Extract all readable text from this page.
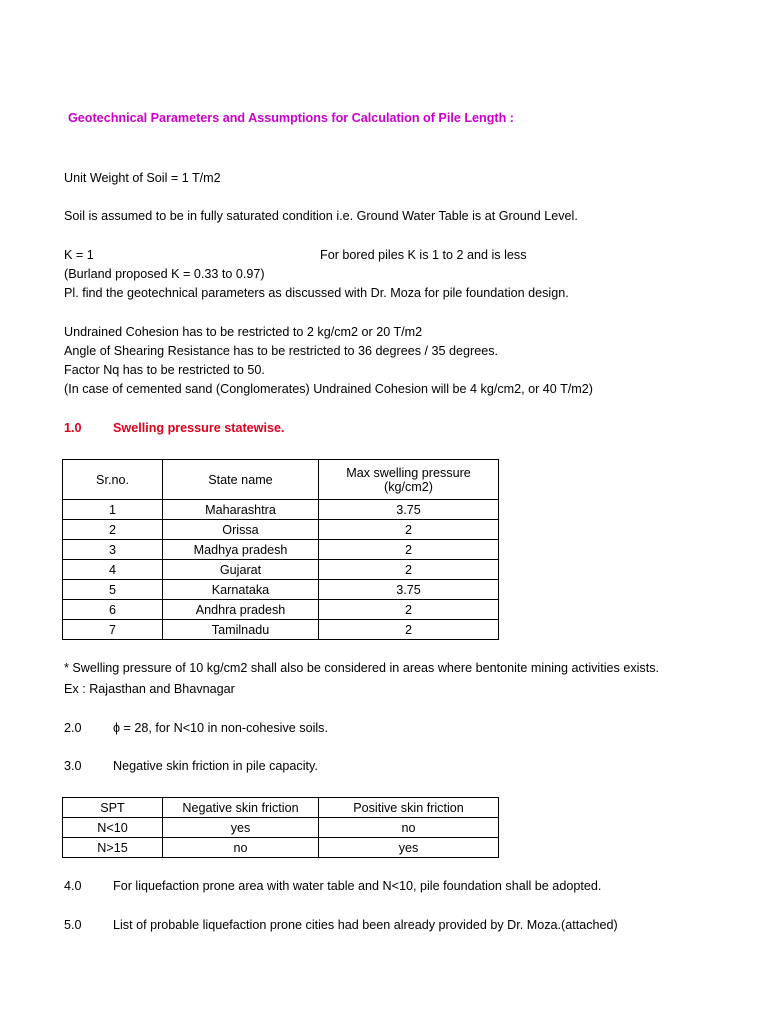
Geotechnical Parameters and Assumptions for Calculation of Pile Length :
Unit Weight of Soil = 1 T/m2
Soil is assumed to be in fully saturated condition i.e. Ground Water Table is at Ground Level.
K = 1	For bored piles K is 1 to 2 and is less
(Burland proposed K = 0.33 to 0.97)
Pl. find the geotechnical parameters as discussed with Dr. Moza for pile foundation design.
Undrained Cohesion has to be restricted to 2 kg/cm2 or 20 T/m2
Angle of Shearing Resistance has to be restricted to 36 degrees / 35 degrees.
Factor Nq has to be restricted to 50.
(In case of cemented sand (Conglomerates) Undrained Cohesion will be 4 kg/cm2, or 40 T/m2)
1.0 Swelling pressure statewise.
Sr.no.	State name	Max swelling pressure
(kg/cm2)

1	Maharashtra	3.75
2	Orissa	2
3	Madhya pradesh	2
4	Gujarat	2
5	Karnataka	3.75
6	Andhra pradesh	2
7	Tamilnadu	2
* Swelling pressure of 10 kg/cm2 shall also be considered in areas where bentonite mining activities exists.
Ex : Rajasthan and Bhavnagar
2.0 ϕ = 28, for N<10 in non-cohesive soils.
3.0 Negative skin friction in pile capacity.
SPT	Negative skin friction	Positive skin friction
N<10	yes	no
N>15	no	yes
4.0 For liquefaction prone area with water table and N<10, pile foundation shall be adopted.
5.0 List of probable liquefaction prone cities had been already provided by Dr. Moza.(attached)
